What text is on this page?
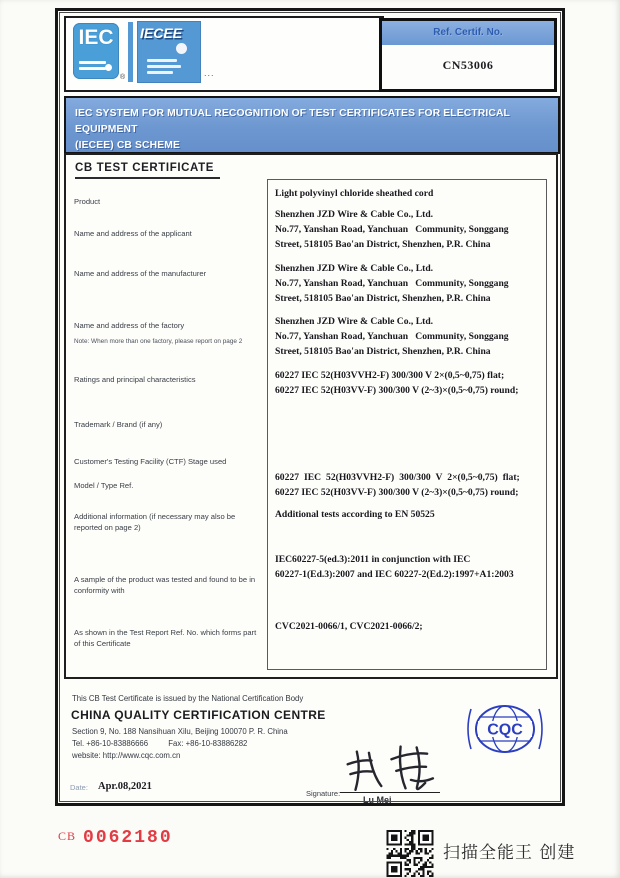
IEC
®
IECEE
...
Ref. Certif. No.
CN53006
IEC SYSTEM FOR MUTUAL RECOGNITION OF TEST CERTIFICATES FOR ELECTRICAL EQUIPMENT
(IECEE) CB SCHEME
CB TEST CERTIFICATE
Product
Name and address of the applicant
Name and address of the manufacturer
Name and address of the factory
Note: When more than one factory, please report on page 2
Ratings and principal characteristics
Trademark / Brand (if any)
Customer's Testing Facility (CTF) Stage used
Model / Type Ref.
Additional information (if necessary may also be reported on page 2)
A sample of the product was tested and found to be in conformity with
As shown in the Test Report Ref. No. which forms part of this Certificate
Light polyvinyl chloride sheathed cord
Shenzhen JZD Wire & Cable Co., Ltd.
No.77, Yanshan Road, Yanchuan   Community, Songgang
Street, 518105 Bao'an District, Shenzhen, P.R. China
Shenzhen JZD Wire & Cable Co., Ltd.
No.77, Yanshan Road, Yanchuan   Community, Songgang
Street, 518105 Bao'an District, Shenzhen, P.R. China
Shenzhen JZD Wire & Cable Co., Ltd.
No.77, Yanshan Road, Yanchuan   Community, Songgang
Street, 518105 Bao'an District, Shenzhen, P.R. China
60227 IEC 52(H03VVH2-F) 300/300 V 2×(0,5~0,75) flat;
60227 IEC 52(H03VV-F) 300/300 V (2~3)×(0,5~0,75) round;
60227 IEC 52(H03VVH2-F) 300/300 V 2×(0,5~0,75) flat;
60227 IEC 52(H03VV-F) 300/300 V (2~3)×(0,5~0,75) round;
Additional tests according to EN 50525
IEC60227-5(ed.3):2011 in conjunction with IEC
60227-1(Ed.3):2007 and IEC 60227-2(Ed.2):1997+A1:2003
CVC2021-0066/1, CVC2021-0066/2;
This CB Test Certificate is issued by the National Certification Body
CHINA QUALITY CERTIFICATION CENTRE
Section 9, No. 188 Nansihuan Xilu, Beijing 100070 P. R. China
Tel. +86-10-83886666	Fax: +86-10-83886282
website: http://www.cqc.com.cn
CQC
Date: Apr.08,2021
Signature:
Lu Mei
CB 0062180
扫描全能王 创建
